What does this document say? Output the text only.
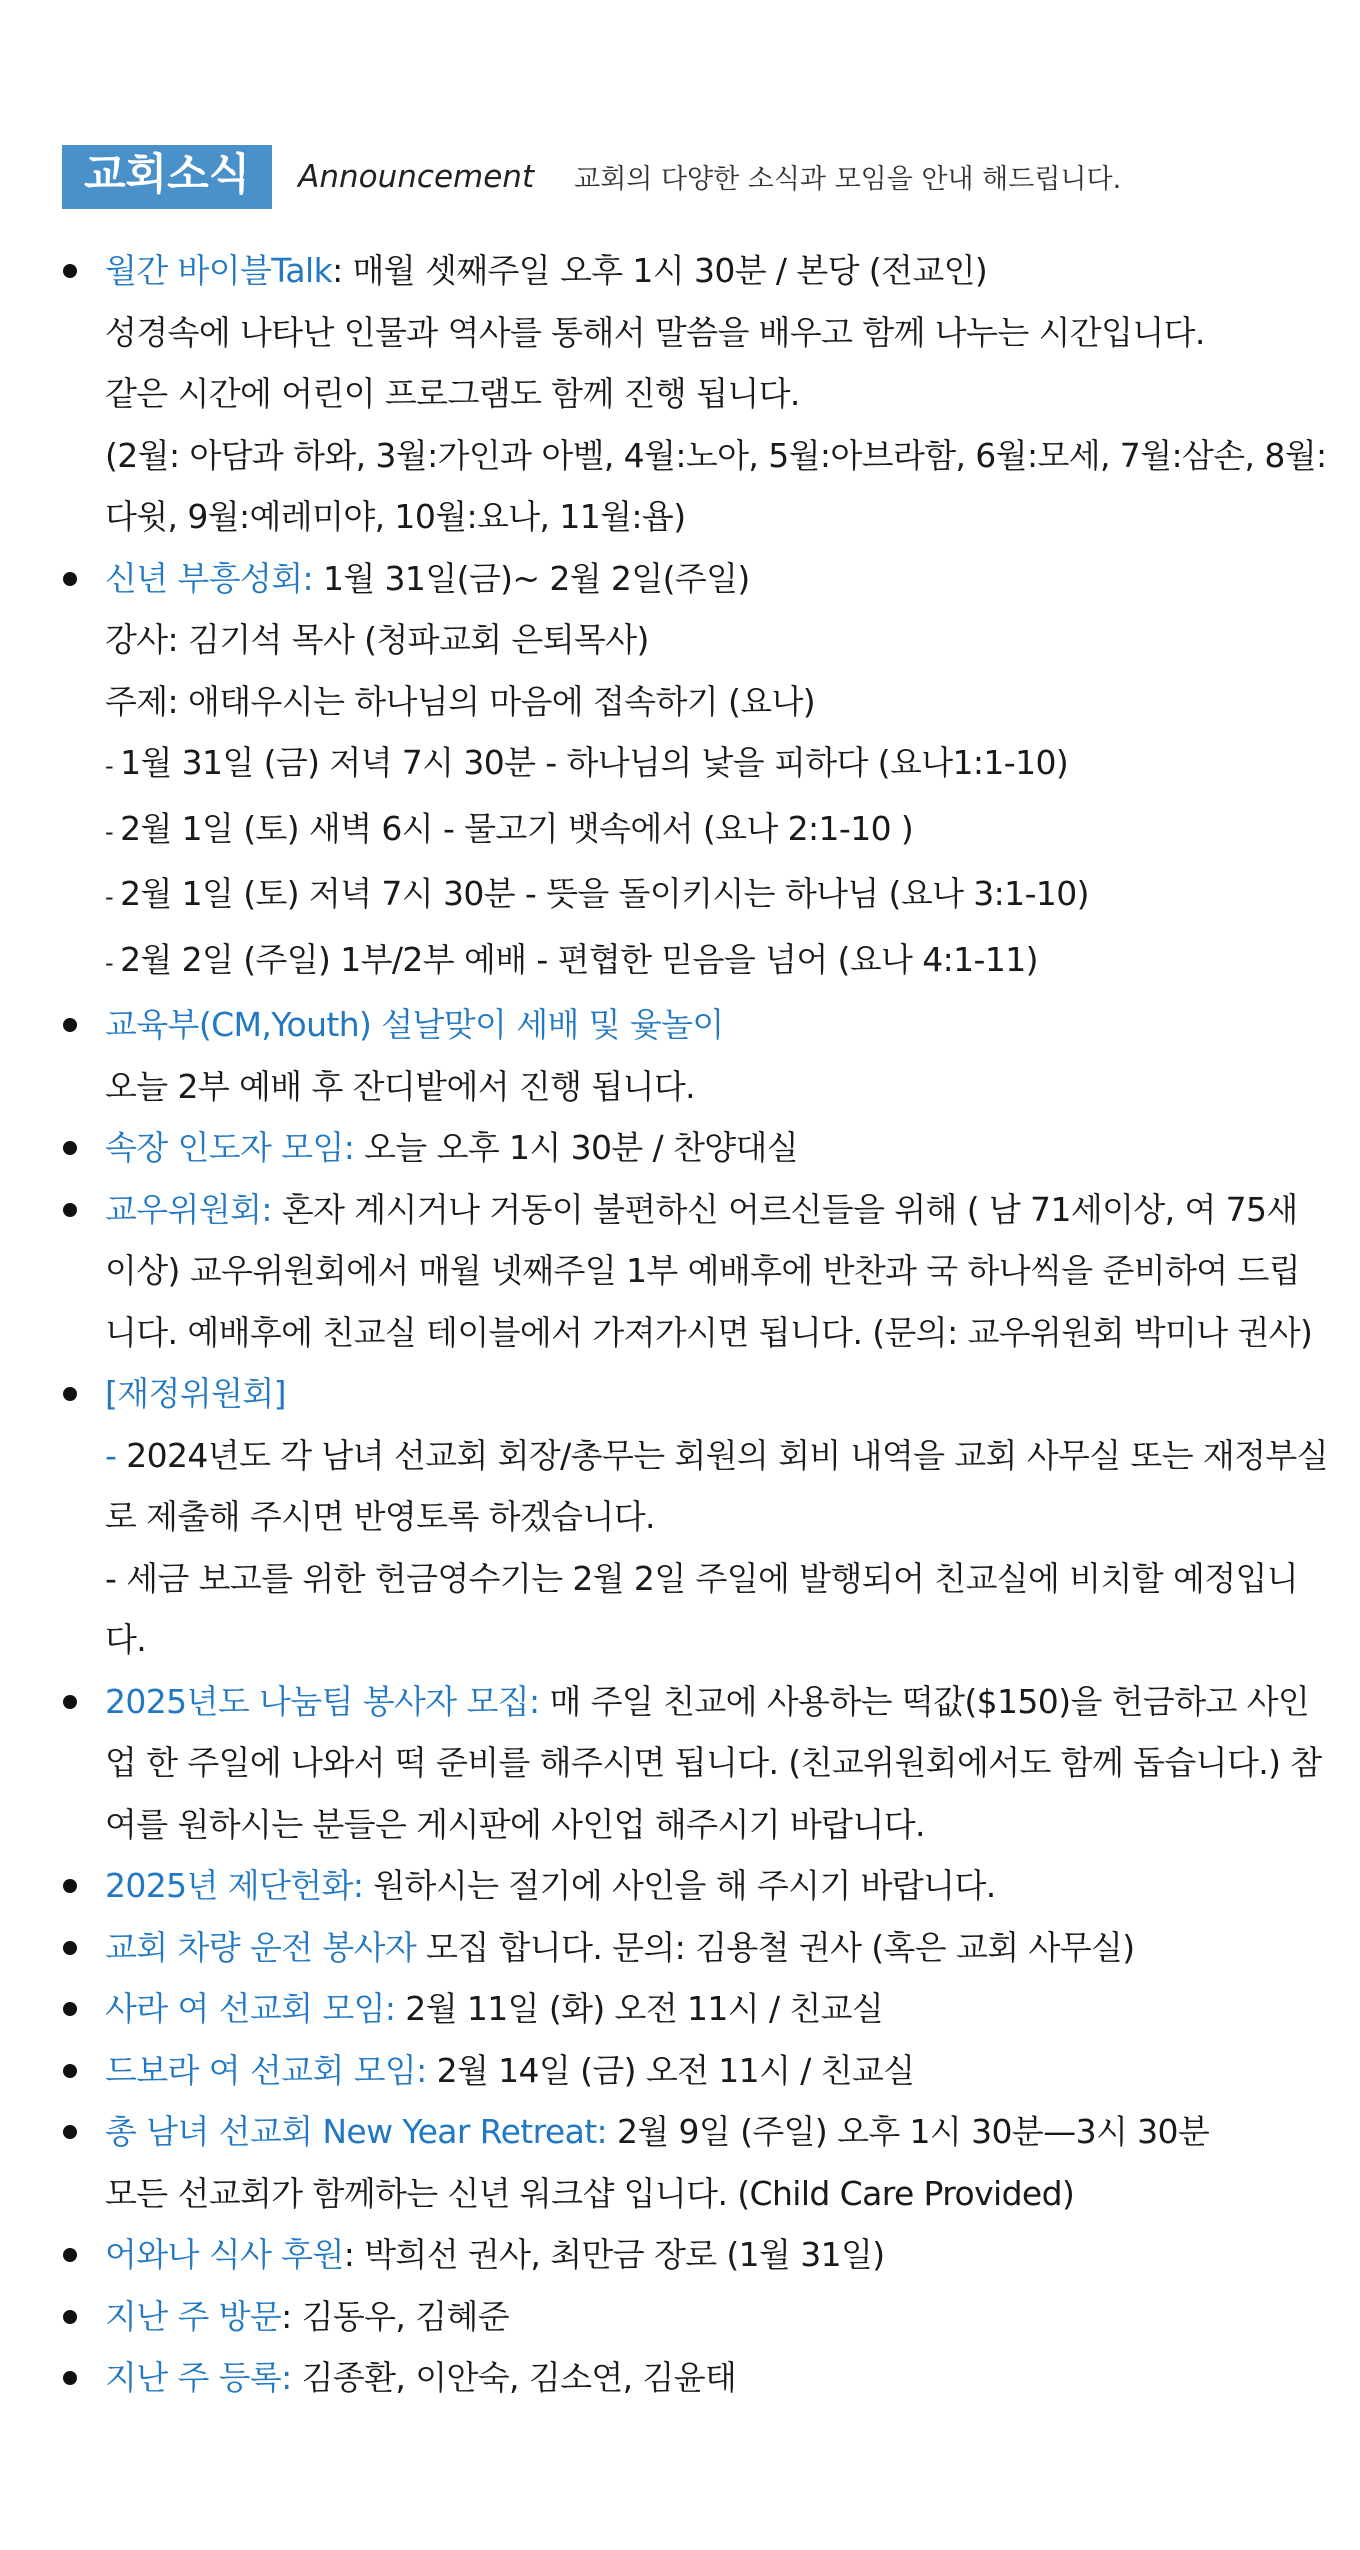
교회소식	Announcement 교회의 다양한 소식과 모임을 안내 해드립니다.
월간 바이블Talk: 매월 셋째주일 오후 1시 30분 / 본당 (전교인)
성경속에 나타난 인물과 역사를 통해서 말씀을 배우고 함께 나누는 시간입니다.
같은 시간에 어린이 프로그램도 함께 진행 됩니다.
(2월: 아담과 하와, 3월:가인과 아벨, 4월:노아, 5월:아브라함, 6월:모세, 7월:삼손, 8월:다윗, 9월:예레미야, 10월:요나, 11월:욥)
신년 부흥성회: 1월 31일(금)~ 2월 2일(주일)
강사: 김기석 목사 (청파교회 은퇴목사)
주제: 애태우시는 하나님의 마음에 접속하기 (요나)
- 1월 31일 (금) 저녁 7시 30분 - 하나님의 낯을 피하다 (요나1:1-10)
- 2월 1일 (토) 새벽 6시 - 물고기 뱃속에서 (요나 2:1-10 )
- 2월 1일 (토) 저녁 7시 30분 - 뜻을 돌이키시는 하나님 (요나 3:1-10)
- 2월 2일 (주일) 1부/2부 예배 - 편협한 믿음을 넘어 (요나 4:1-11)
교육부(CM,Youth) 설날맞이 세배 및 윷놀이
오늘 2부 예배 후 잔디밭에서 진행 됩니다.
속장 인도자 모임: 오늘 오후 1시 30분 / 찬양대실
교우위원회: 혼자 계시거나 거동이 불편하신 어르신들을 위해 ( 남 71세이상, 여 75새 이상) 교우위원회에서 매월 넷째주일 1부 예배후에 반찬과 국 하나씩을 준비하여 드립니다. 예배후에 친교실 테이블에서 가져가시면 됩니다. (문의: 교우위원회 박미나 권사)
[재정위원회]
- 2024년도 각 남녀 선교회 회장/총무는 회원의 회비 내역을 교회 사무실 또는 재정부실로 제출해 주시면 반영토록 하겠습니다.
- 세금 보고를 위한 헌금영수기는 2월 2일 주일에 발행되어 친교실에 비치할 예정입니다.
2025년도 나눔팀 봉사자 모집: 매 주일 친교에 사용하는 떡값($150)을 헌금하고 사인업 한 주일에 나와서 떡 준비를 해주시면 됩니다. (친교위원회에서도 함께 돕습니다.) 참여를 원하시는 분들은 게시판에 사인업 해주시기 바랍니다.
2025년 제단헌화: 원하시는 절기에 사인을 해 주시기 바랍니다.
교회 차량 운전 봉사자 모집 합니다. 문의: 김용철 권사 (혹은 교회 사무실)
사라 여 선교회 모임: 2월 11일 (화) 오전 11시 / 친교실
드보라 여 선교회 모임: 2월 14일 (금) 오전 11시 / 친교실
총 남녀 선교회 New Year Retreat: 2월 9일 (주일) 오후 1시 30분—3시 30분
모든 선교회가 함께하는 신년 워크샵 입니다. (Child Care Provided)
어와나 식사 후원: 박희선 권사, 최만금 장로 (1월 31일)
지난 주 방문: 김동우, 김혜준
지난 주 등록: 김종환, 이안숙, 김소연, 김윤태
